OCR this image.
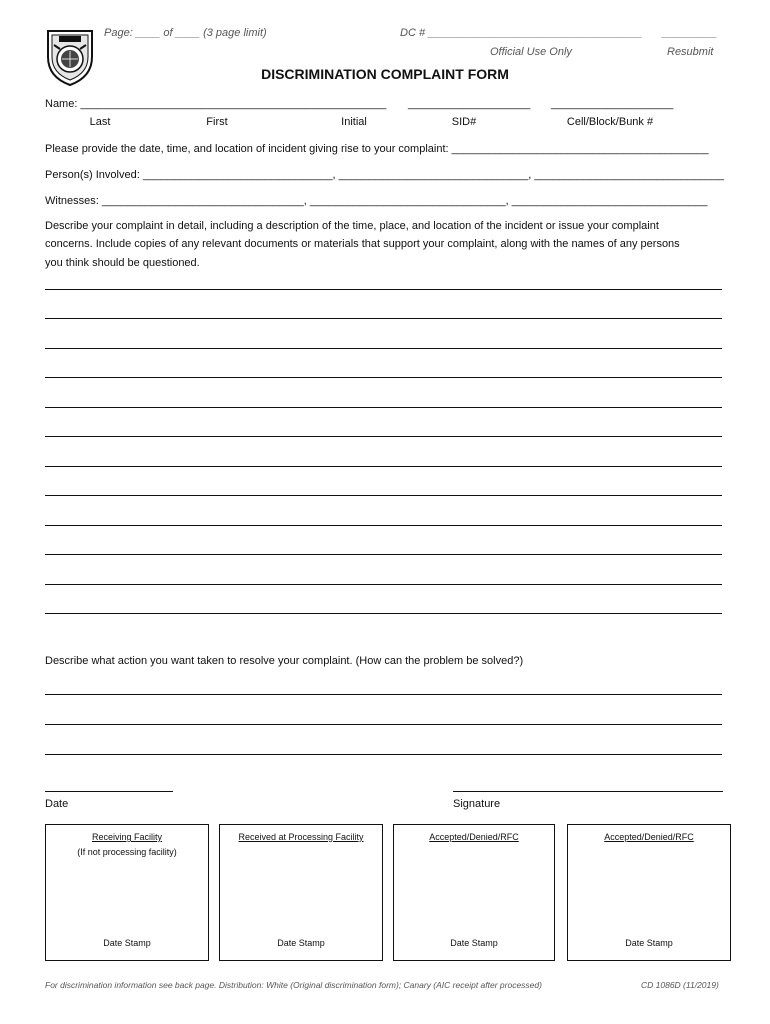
Page: ____ of ____ (3 page limit)	DC # ___________________________________ _________
Official Use Only	Resubmit
DISCRIMINATION COMPLAINT FORM
Name: __________________________________________________ ____________________ ____________________
Last	First	Initial	SID#	Cell/Block/Bunk #
Please provide the date, time, and location of incident giving rise to your complaint: __________________________________________
Person(s) Involved: _______________________________, _______________________________, _______________________________
Witnesses: _________________________________, ________________________________, ________________________________
Describe your complaint in detail, including a description of the time, place, and location of the incident or issue your complaint
concerns. Include copies of any relevant documents or materials that support your complaint, along with the names of any persons
you think should be questioned.
Describe what action you want taken to resolve your complaint. (How can the problem be solved?)
Date	Signature
Receiving Facility
(If not processing facility)
Date Stamp
Received at Processing Facility
Date Stamp
Accepted/Denied/RFC
Date Stamp
Accepted/Denied/RFC
Date Stamp
For discrimination information see back page. Distribution: White (Original discrimination form); Canary (AIC receipt after processed)	CD 1086D (11/2019)
